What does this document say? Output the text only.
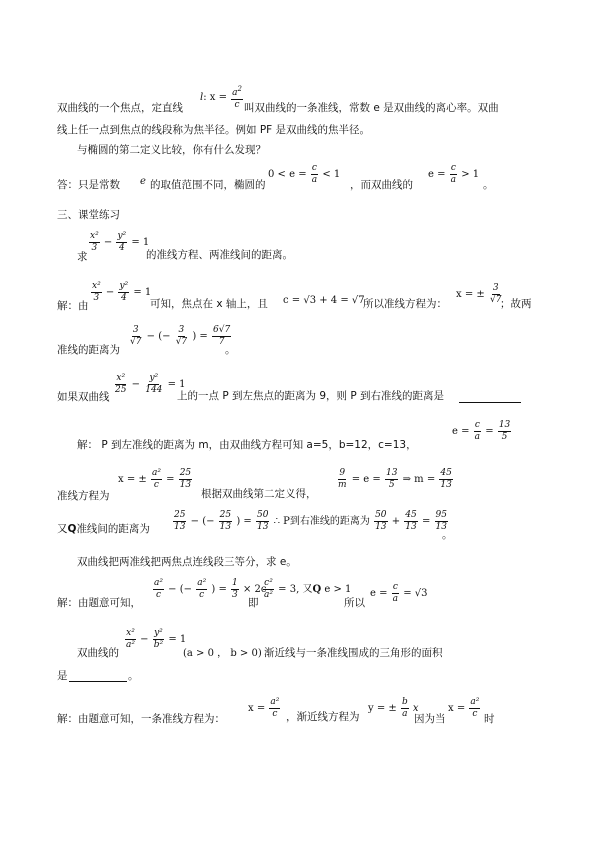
l: $x = \frac{a^2}{c}$
双曲线的一个焦点，定直线	叫双曲线的一条准线，常数 e 是双曲线的离心率。双曲
线上任一点到焦点的线段称为焦半径。例如 PF 是双曲线的焦半径。
与椭圆的第二定义比较，你有什么发现？
答：只是常数 e 的取值范围不同，椭圆的
$0 < e = \frac{c}{a} < 1$
，而双曲线的
$e = \frac{c}{a} > 1$
。
三、课堂练习
$\frac{\text{x²}}{3} - \frac{\text{y²}}{4} = 1$
求	的准线方程、两准线间的距离。
解：由
$\frac{\text{x²}}{3} - \frac{\text{y²}}{4} = 1$
可知，焦点在 x 轴上，且 c = √3 + 4 = √7
所以准线方程为：
x = ± $\frac{3}{√7}$
；故两
准线的距离为
$\frac{3}{√7}$ − (− $\frac{3}{√7}$ ) = $\frac{6√7}{7}$
。
如果双曲线
$\frac{\text{x²}}{25} - \frac{\text{y²}}{144} = 1$
上的一点 P 到左焦点的距离为 9，则 P 到右准线的距离是
$e = \frac{c}{a} = \frac{13}{5}$
解： P 到左准线的距离为 m，由双曲线方程可知 a=5，b=12，c=13，
准线方程为
x = ± $\frac{\text{a²}}{c} = \frac{25}{13}$
根据双曲线第二定义得，
$\frac{9}{m} = e = \frac{13}{5}$ ⇒ $m = \frac{45}{13}$
又Q准线间的距离为	$\frac{25}{13}$ − (− $\frac{25}{13}$ ) = $\frac{50}{13}$ ∴ P到右准线的距离为 $\frac{50}{13} + \frac{45}{13} = \frac{95}{13}$
。
双曲线把两准线把两焦点连线段三等分，求 e。
解：由题意可知，
$\frac{\text{a²}}{c}$ − (− $\frac{\text{a²}}{c}$ ) = $\frac{1}{3} \times 2c$
即
$\frac{\text{c²}}{\text{a²}} = 3$, 又Q e > 1
所以
$e = \frac{c}{a} = √3$
双曲线的
$\frac{\text{x²}}{\text{a²}} - \frac{\text{y²}}{\text{b²}} = 1$
(a > 0 ， b > 0) 渐近线与一条准线围成的三角形的面积
是	。
解：由题意可知，一条准线方程为：
$x = \frac{\text{a²}}{c}$ ，渐近线方程为
y = ± $\frac{b}{a}$ x
因为当
$x = \frac{\text{a²}}{c}$ 时
